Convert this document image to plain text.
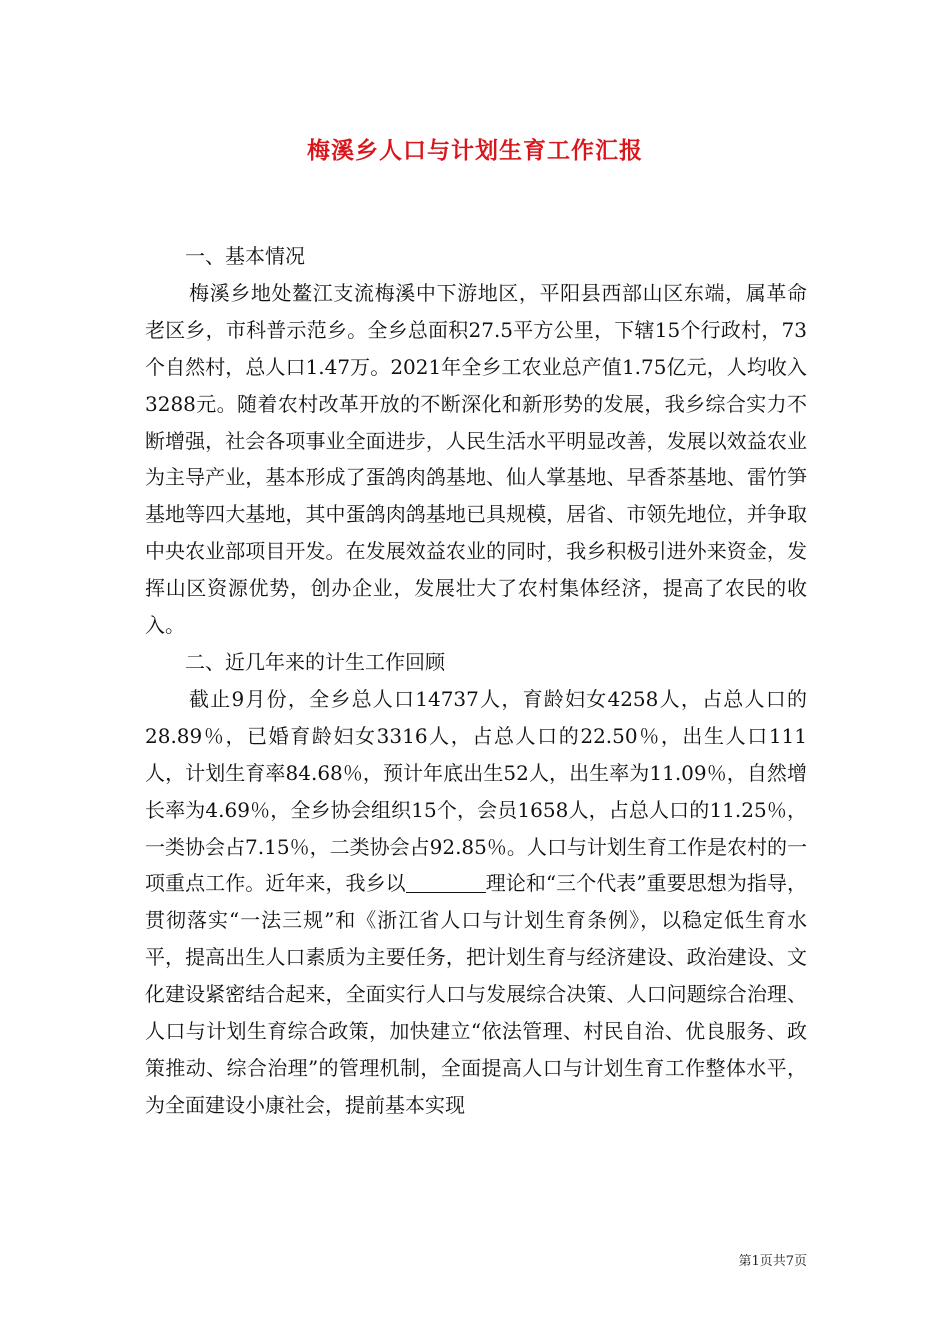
梅溪乡人口与计划生育工作汇报

一、基本情况

梅溪乡地处鳌江支流梅溪中下游地区，平阳县西部山区东端，属革命老区乡，市科普示范乡。全乡总面积27.5平方公里，下辖15个行政村，73个自然村，总人口1.47万。2021年全乡工农业总产值1.75亿元，人均收入3288元。随着农村改革开放的不断深化和新形势的发展，我乡综合实力不断增强，社会各项事业全面进步，人民生活水平明显改善，发展以效益农业为主导产业，基本形成了蛋鸽肉鸽基地、仙人掌基地、早香茶基地、雷竹笋基地等四大基地，其中蛋鸽肉鸽基地已具规模，居省、市领先地位，并争取中央农业部项目开发。在发展效益农业的同时，我乡积极引进外来资金，发挥山区资源优势，创办企业，发展壮大了农村集体经济，提高了农民的收入。

二、近几年来的计生工作回顾

截止9月份，全乡总人口14737人，育龄妇女4258人，占总人口的28.89％，已婚育龄妇女3316人，占总人口的22.50％，出生人口111人，计划生育率84.68％，预计年底出生52人，出生率为11.09％，自然增长率为4.69％，全乡协会组织15个，会员1658人，占总人口的11.25％，一类协会占7.15％，二类协会占92.85％。人口与计划生育工作是农村的一项重点工作。近年来，我乡以	理论和“三个代表”重要思想为指导，贯彻落实“一法三规”和《浙江省人口与计划生育条例》，以稳定低生育水平，提高出生人口素质为主要任务，把计划生育与经济建设、政治建设、文化建设紧密结合起来，全面实行人口与发展综合决策、人口问题综合治理、人口与计划生育综合政策，加快建立“依法管理、村民自治、优良服务、政策推动、综合治理”的管理机制，全面提高人口与计划生育工作整体水平，为全面建设小康社会，提前基本实现

第1页共7页
